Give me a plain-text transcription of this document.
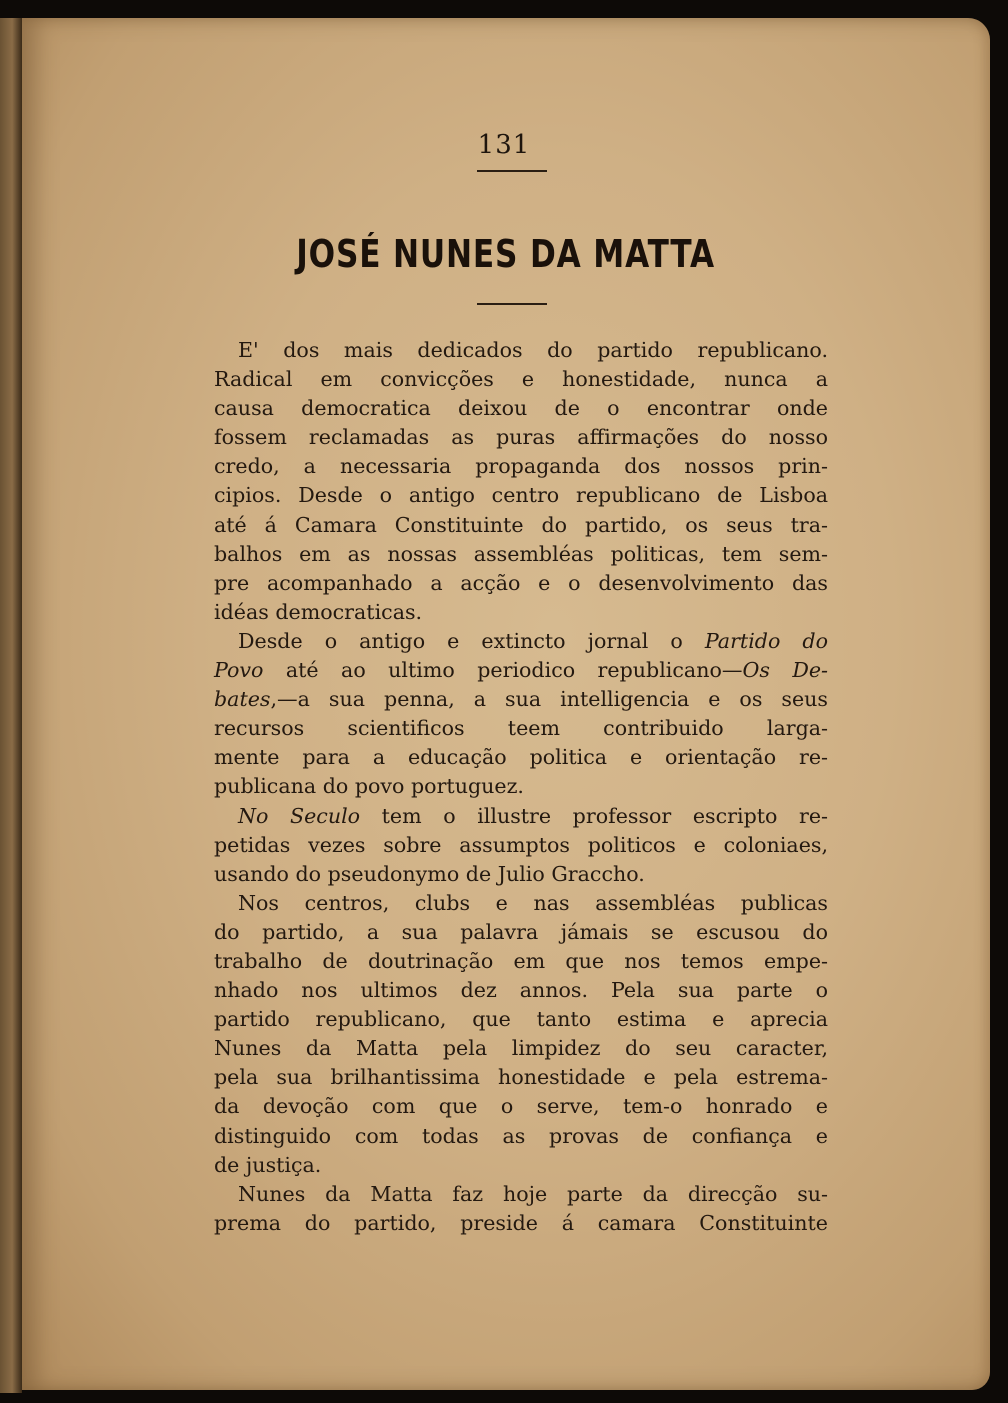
131
JOSÉ NUNES DA MATTA
E' dos mais dedicados do partido republicano.
Radical em convicções e honestidade, nunca a
causa democratica deixou de o encontrar onde
fossem reclamadas as puras affirmações do nosso
credo, a necessaria propaganda dos nossos prin-
cipios. Desde o antigo centro republicano de Lisboa
até á Camara Constituinte do partido, os seus tra-
balhos em as nossas assembléas politicas, tem sem-
pre acompanhado a acção e o desenvolvimento das
idéas democraticas.
Desde o antigo e extincto jornal o Partido do
Povo até ao ultimo periodico republicano—Os De-
bates,—a sua penna, a sua intelligencia e os seus
recursos scientificos teem contribuido larga-
mente para a educação politica e orientação re-
publicana do povo portuguez.
No Seculo tem o illustre professor escripto re-
petidas vezes sobre assumptos politicos e coloniaes,
usando do pseudonymo de Julio Graccho.
Nos centros, clubs e nas assembléas publicas
do partido, a sua palavra jámais se escusou do
trabalho de doutrinação em que nos temos empe-
nhado nos ultimos dez annos. Pela sua parte o
partido republicano, que tanto estima e aprecia
Nunes da Matta pela limpidez do seu caracter,
pela sua brilhantissima honestidade e pela estrema-
da devoção com que o serve, tem-o honrado e
distinguido com todas as provas de confiança e
de justiça.
Nunes da Matta faz hoje parte da direcção su-
prema do partido, preside á camara Constituinte
